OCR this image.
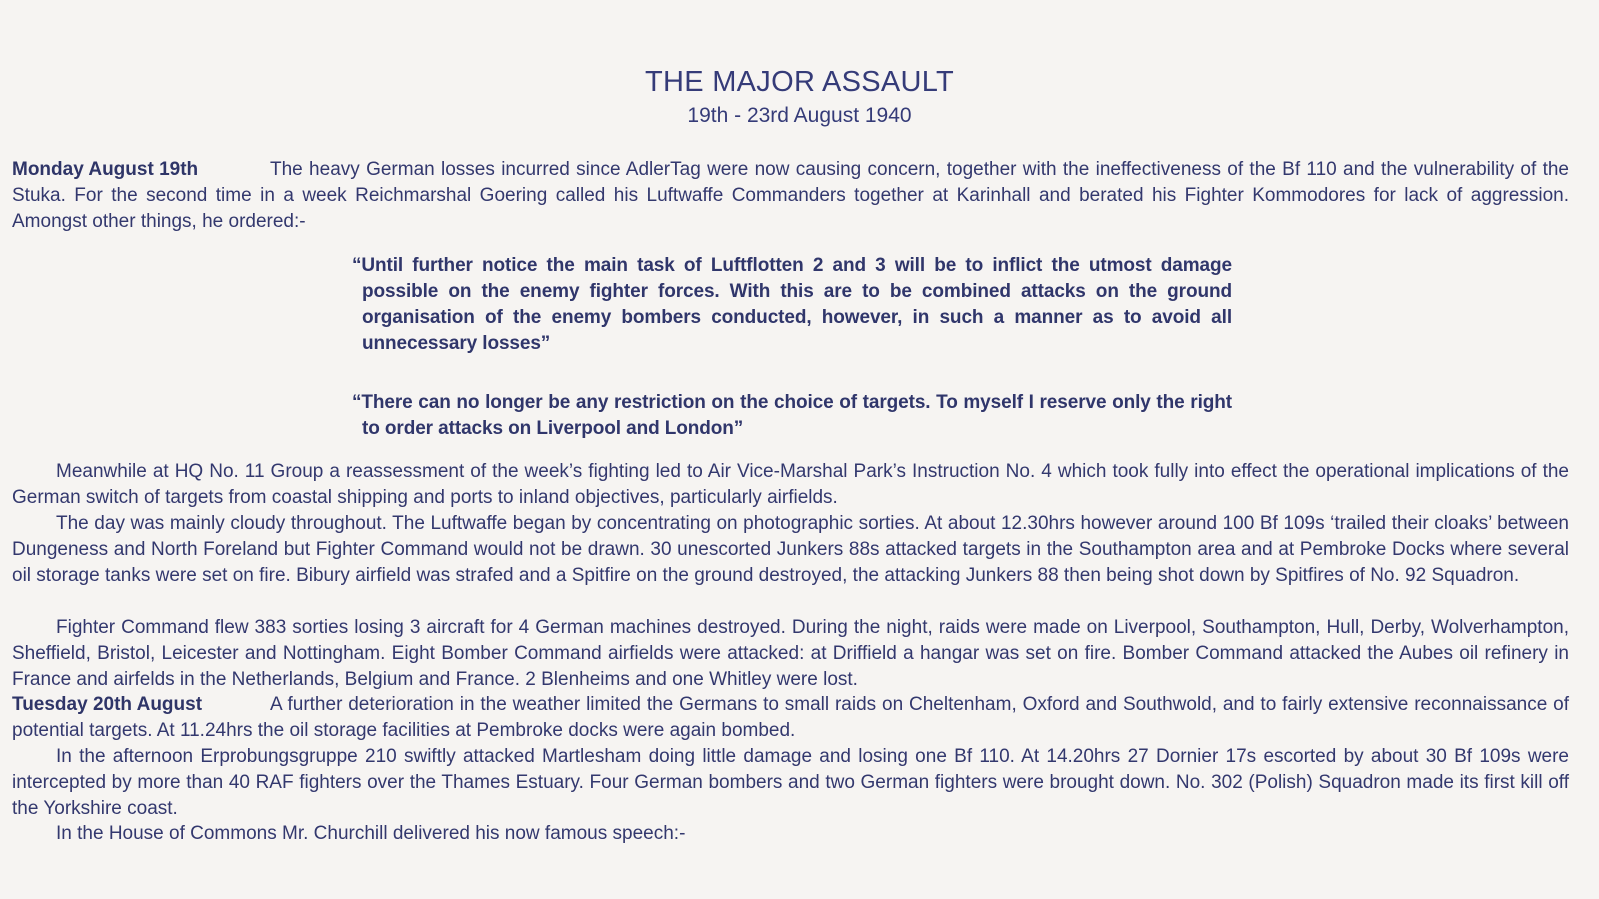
THE MAJOR ASSAULT
19th - 23rd August 1940
Monday August 19th	The heavy German losses incurred since AdlerTag were now causing concern, together with the ineffectiveness of the Bf 110 and the vulnerability of the Stuka. For the second time in a week Reichmarshal Goering called his Luftwaffe Commanders together at Karinhall and berated his Fighter Kommodores for lack of aggression. Amongst other things, he ordered:-
“Until further notice the main task of Luftflotten 2 and 3 will be to inflict the utmost damage possible on the enemy fighter forces. With this are to be combined attacks on the ground organisation of the enemy bombers conducted, however, in such a manner as to avoid all unnecessary losses”
“There can no longer be any restriction on the choice of targets. To myself I reserve only the right to order attacks on Liverpool and London”
Meanwhile at HQ No. 11 Group a reassessment of the week’s fighting led to Air Vice-Marshal Park’s Instruction No. 4 which took fully into effect the operational implications of the German switch of targets from coastal shipping and ports to inland objectives, particularly airfields.
The day was mainly cloudy throughout. The Luftwaffe began by concentrating on photographic sorties. At about 12.30hrs however around 100 Bf 109s ‘trailed their cloaks’ between Dungeness and North Foreland but Fighter Command would not be drawn. 30 unescorted Junkers 88s attacked targets in the Southampton area and at Pembroke Docks where several oil storage tanks were set on fire. Bibury airfield was strafed and a Spitfire on the ground destroyed, the attacking Junkers 88 then being shot down by Spitfires of No. 92 Squadron.
Fighter Command flew 383 sorties losing 3 aircraft for 4 German machines destroyed. During the night, raids were made on Liverpool, Southampton, Hull, Derby, Wolverhampton, Sheffield, Bristol, Leicester and Nottingham. Eight Bomber Command airfields were attacked: at Driffield a hangar was set on fire. Bomber Command attacked the Aubes oil refinery in France and airfelds in the Netherlands, Belgium and France. 2 Blenheims and one Whitley were lost.
Tuesday 20th August	A further deterioration in the weather limited the Germans to small raids on Cheltenham, Oxford and Southwold, and to fairly extensive reconnaissance of potential targets. At 11.24hrs the oil storage facilities at Pembroke docks were again bombed.
In the afternoon Erprobungsgruppe 210 swiftly attacked Martlesham doing little damage and losing one Bf 110. At 14.20hrs 27 Dornier 17s escorted by about 30 Bf 109s were intercepted by more than 40 RAF fighters over the Thames Estuary. Four German bombers and two German fighters were brought down. No. 302 (Polish) Squadron made its first kill off the Yorkshire coast.
In the House of Commons Mr. Churchill delivered his now famous speech:-
